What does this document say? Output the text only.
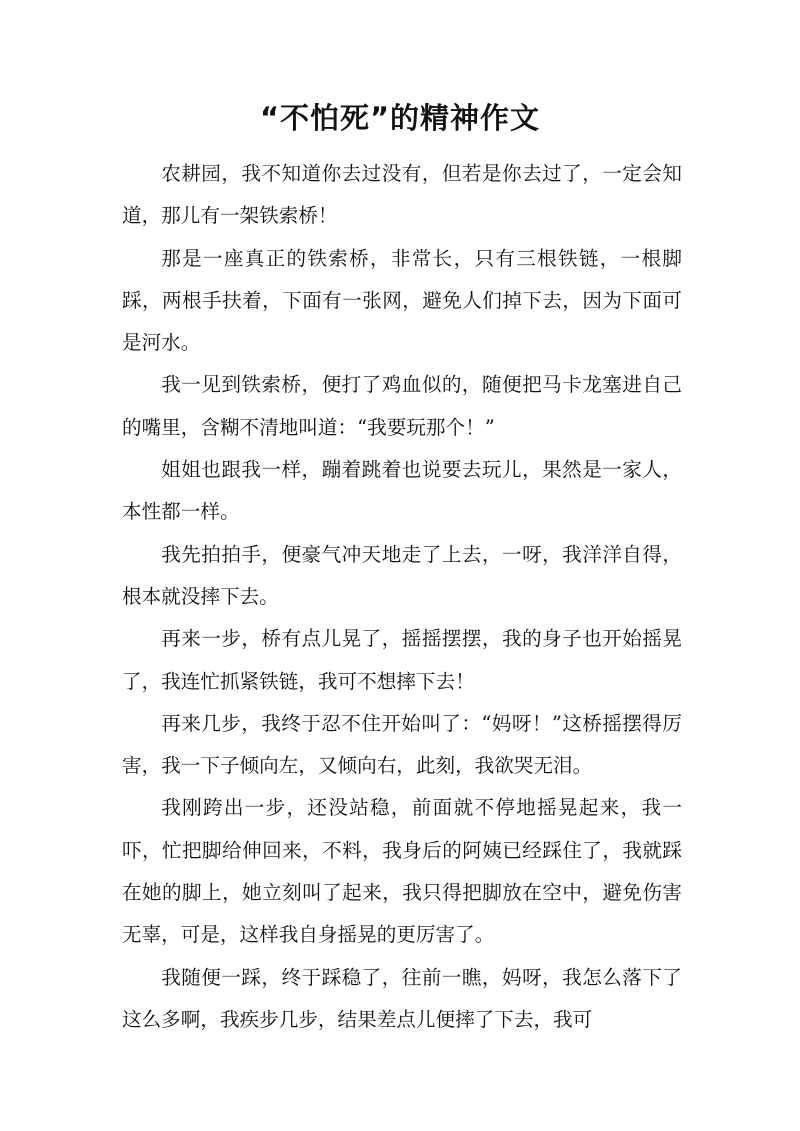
“不怕死”的精神作文

农耕园，我不知道你去过没有，但若是你去过了，一定会知道，那儿有一架铁索桥！

那是一座真正的铁索桥，非常长，只有三根铁链，一根脚踩，两根手扶着，下面有一张网，避免人们掉下去，因为下面可是河水。

我一见到铁索桥，便打了鸡血似的，随便把马卡龙塞进自己的嘴里，含糊不清地叫道：“我要玩那个！”

姐姐也跟我一样，蹦着跳着也说要去玩儿，果然是一家人，本性都一样。

我先拍拍手，便豪气冲天地走了上去，一呀，我洋洋自得，根本就没摔下去。

再来一步，桥有点儿晃了，摇摇摆摆，我的身子也开始摇晃了，我连忙抓紧铁链，我可不想摔下去！

再来几步，我终于忍不住开始叫了：“妈呀！”这桥摇摆得厉害，我一下子倾向左，又倾向右，此刻，我欲哭无泪。

我刚跨出一步，还没站稳，前面就不停地摇晃起来，我一吓，忙把脚给伸回来，不料，我身后的阿姨已经踩住了，我就踩在她的脚上，她立刻叫了起来，我只得把脚放在空中，避免伤害无辜，可是，这样我自身摇晃的更厉害了。

我随便一踩，终于踩稳了，往前一瞧，妈呀，我怎么落下了这么多啊，我疾步几步，结果差点儿便摔了下去，我可
